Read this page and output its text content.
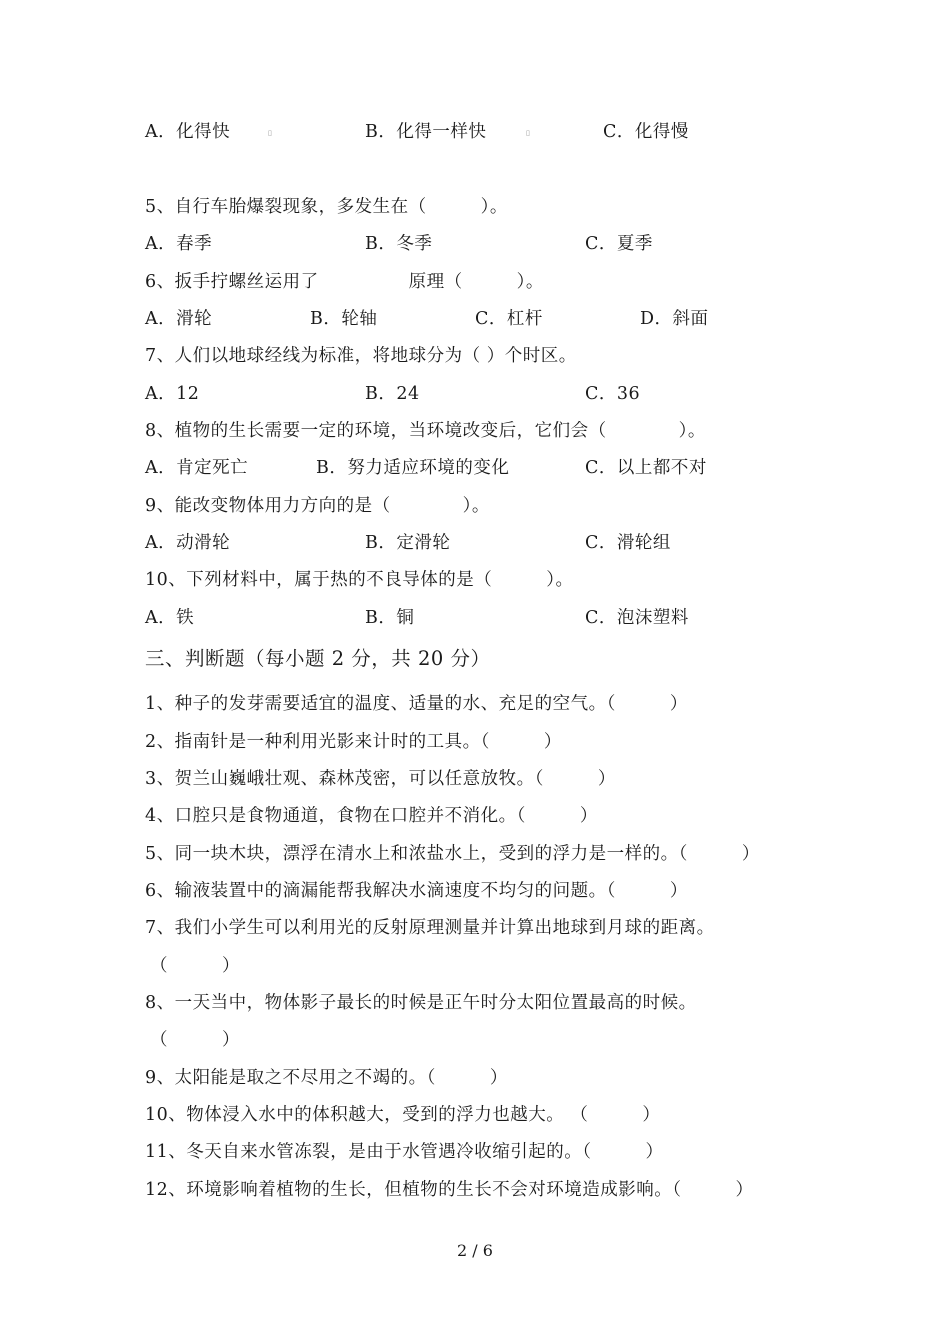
A．化得快	▯	B．化得一样快	▯	C．化得慢
5、自行车胎爆裂现象，多发生在（　　　）。
A．春季	B．冬季	C．夏季
6、扳手拧螺丝运用了　　　　　原理（　　　）。
A．滑轮	B．轮轴	C．杠杆	D．斜面
7、人们以地球经线为标准，将地球分为（ ）个时区。
A．12	B．24	C．36
8、植物的生长需要一定的环境，当环境改变后，它们会（　　　　）。
A．肯定死亡	B．努力适应环境的变化	C．以上都不对
9、能改变物体用力方向的是（　　　　）。
A．动滑轮	B．定滑轮	C．滑轮组
10、下列材料中，属于热的不良导体的是（　　　）。
A．铁	B．铜	C．泡沫塑料
三、判断题（每小题 2 分，共 20 分）
1、种子的发芽需要适宜的温度、适量的水、充足的空气。（　　　）
2、指南针是一种利用光影来计时的工具。（　　　）
3、贺兰山巍峨壮观、森林茂密，可以任意放牧。（　　　）
4、口腔只是食物通道，食物在口腔并不消化。（　　　）
5、同一块木块，漂浮在清水上和浓盐水上，受到的浮力是一样的。（　　　）
6、输液装置中的滴漏能帮我解决水滴速度不均匀的问题。（　　　）
7、我们小学生可以利用光的反射原理测量并计算出地球到月球的距离。
（　　　）
8、一天当中，物体影子最长的时候是正午时分太阳位置最高的时候。
（　　　）
9、太阳能是取之不尽用之不竭的。（　　　）
10、物体浸入水中的体积越大，受到的浮力也越大。 （　　　）
11、冬天自来水管冻裂，是由于水管遇冷收缩引起的。（　　　）
12、环境影响着植物的生长，但植物的生长不会对环境造成影响。（　　　）
2 / 6
